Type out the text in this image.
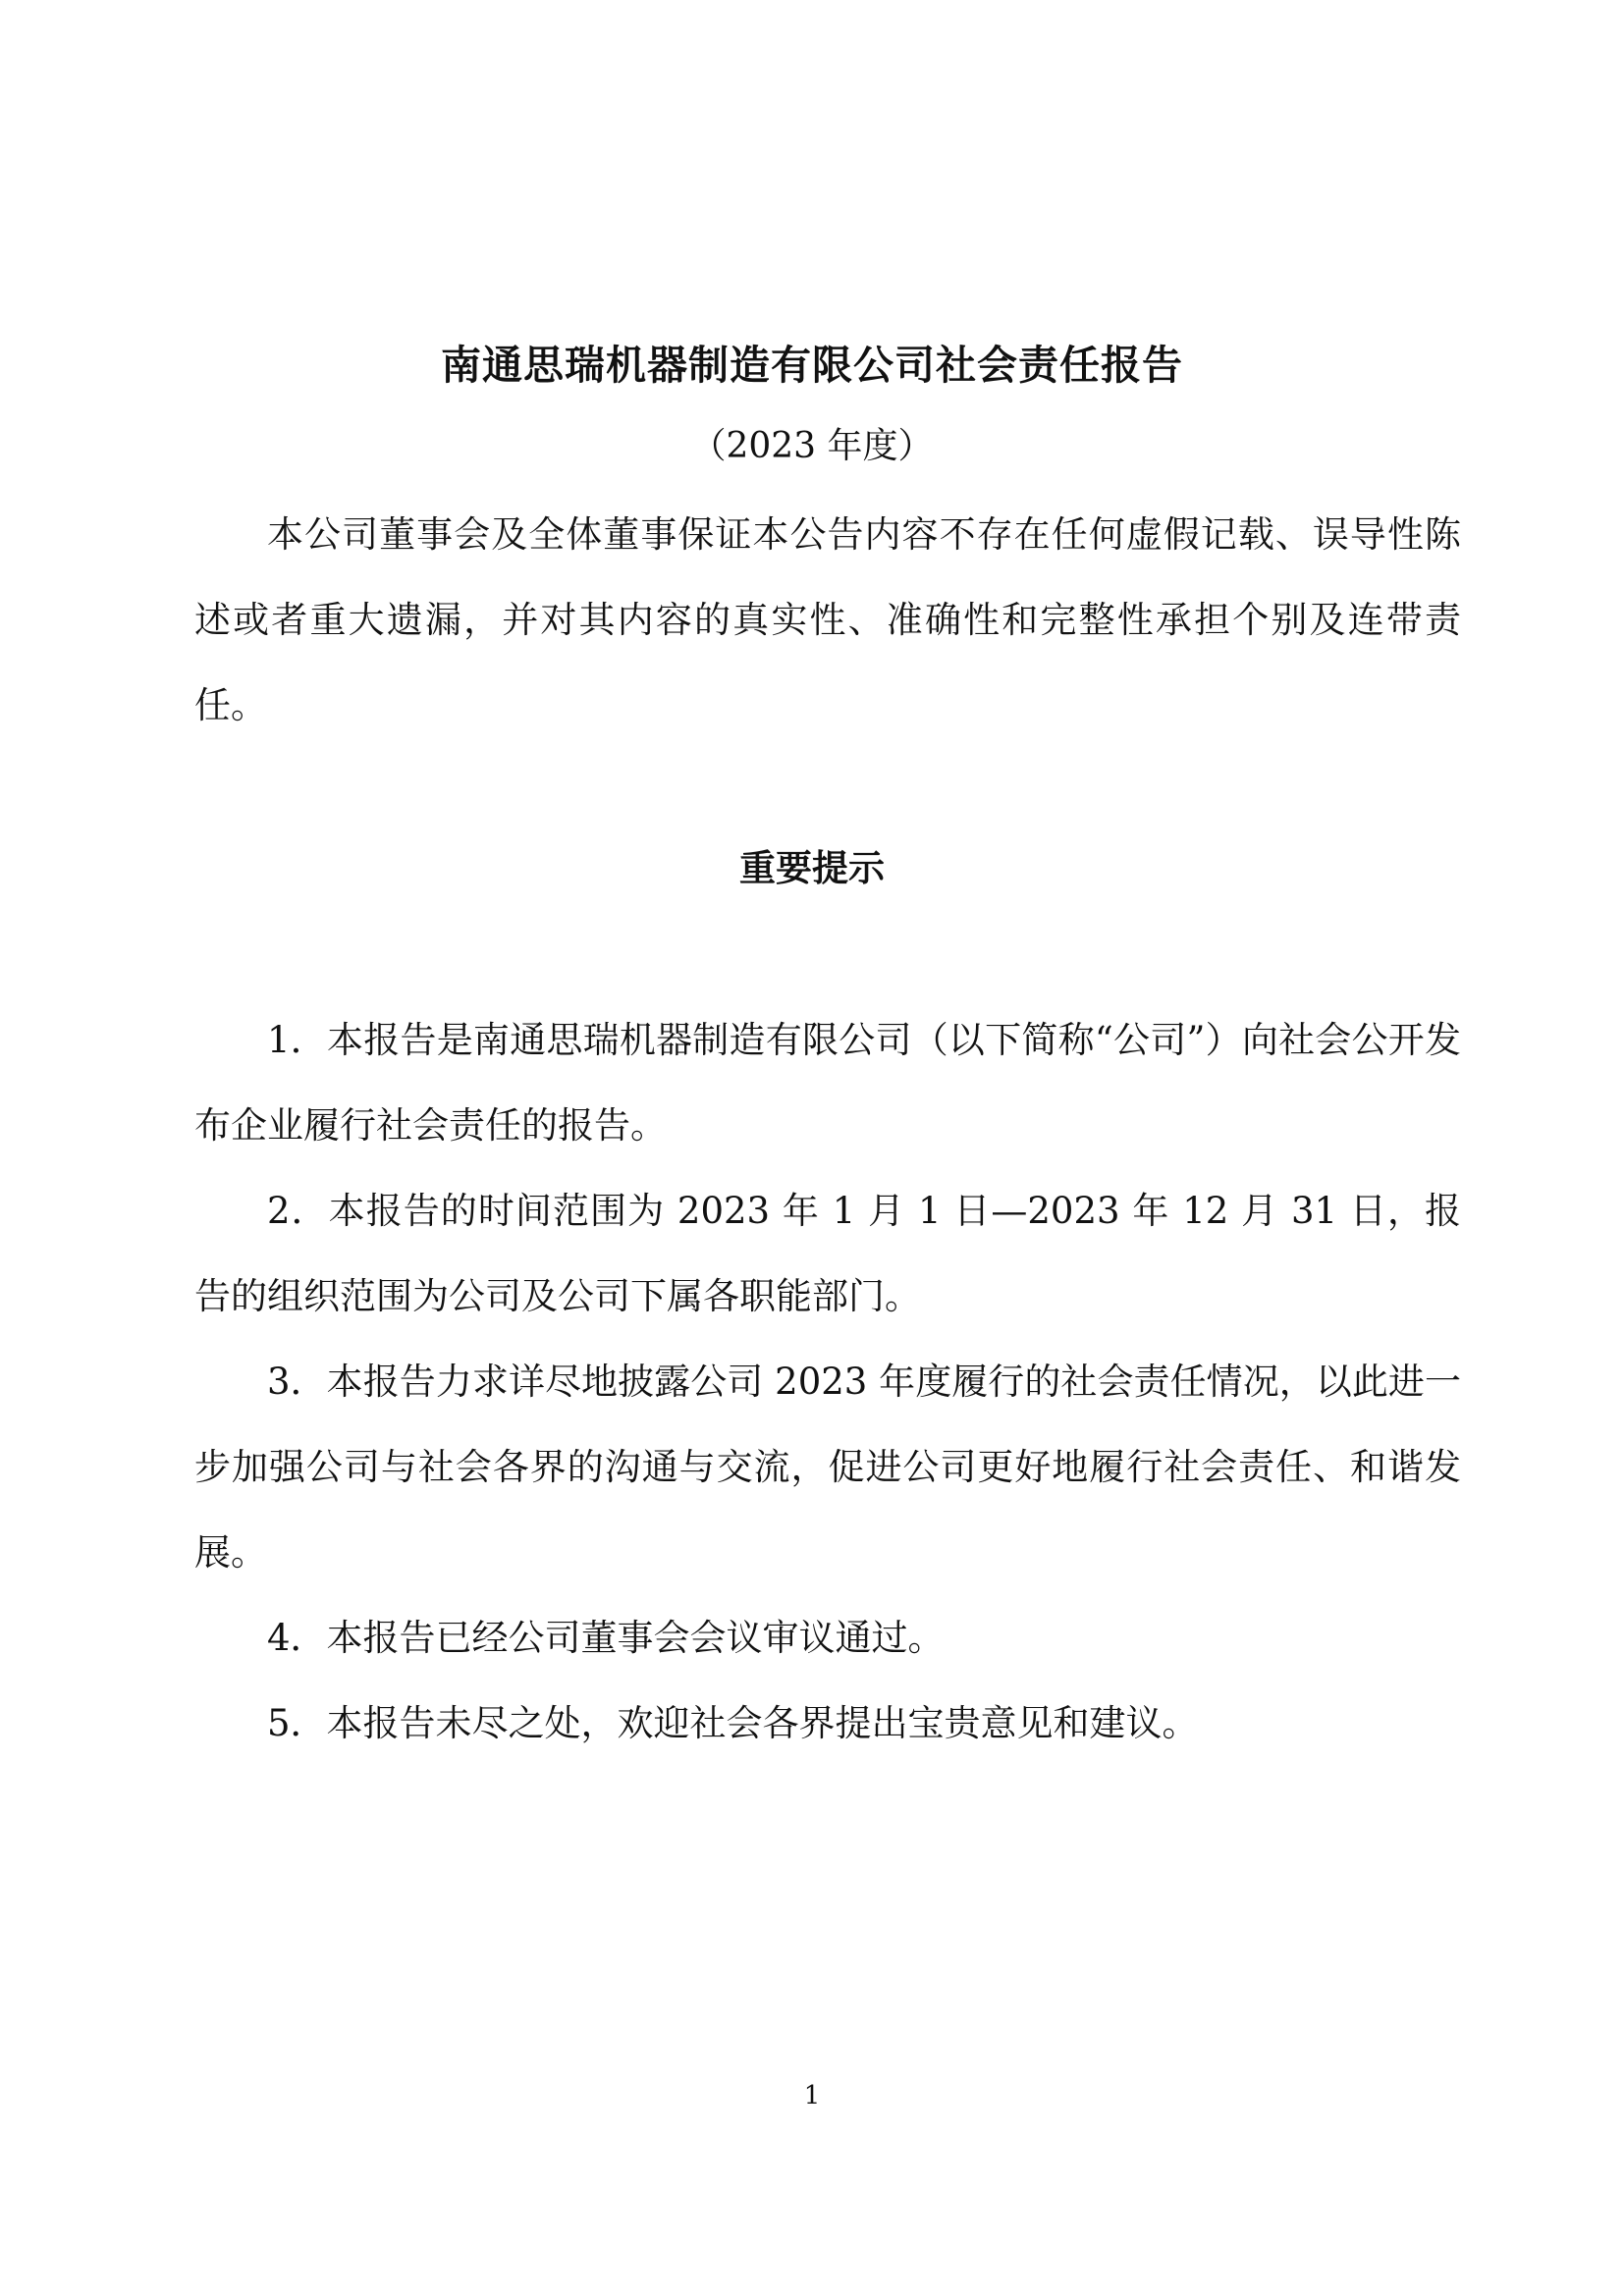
南通思瑞机器制造有限公司社会责任报告

（2023 年度）

本公司董事会及全体董事保证本公告内容不存在任何虚假记载、误导性陈述或者重大遗漏，并对其内容的真实性、准确性和完整性承担个别及连带责任。

重要提示
1．本报告是南通思瑞机器制造有限公司（以下简称“公司”）向社会公开发布企业履行社会责任的报告。
2．本报告的时间范围为 2023 年 1 月 1 日—2023 年 12 月 31 日，报告的组织范围为公司及公司下属各职能部门。
3．本报告力求详尽地披露公司 2023 年度履行的社会责任情况，以此进一步加强公司与社会各界的沟通与交流，促进公司更好地履行社会责任、和谐发展。
4．本报告已经公司董事会会议审议通过。
5．本报告未尽之处，欢迎社会各界提出宝贵意见和建议。

1
